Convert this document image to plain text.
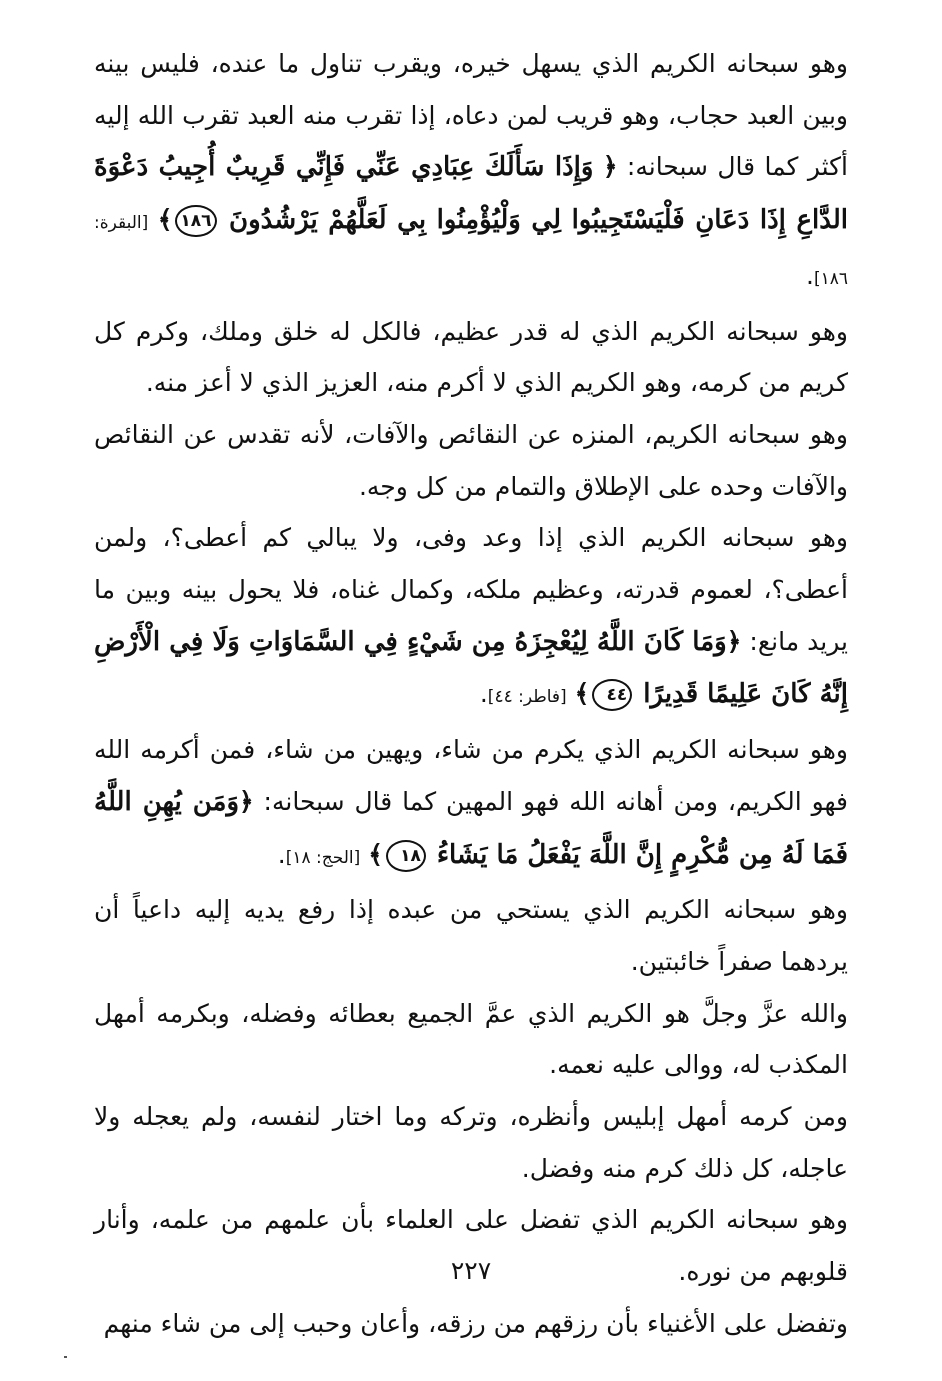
وهو سبحانه الكريم الذي يسهل خيره، ويقرب تناول ما عنده، فليس بينه وبين العبد حجاب، وهو قريب لمن دعاه، إذا تقرب منه العبد تقرب الله إليه أكثر كما قال سبحانه: ﴿ وَإِذَا سَأَلَكَ عِبَادِي عَنِّي فَإِنِّي قَرِيبٌ أُجِيبُ دَعْوَةَ الدَّاعِ إِذَا دَعَانِ فَلْيَسْتَجِيبُوا لِي وَلْيُؤْمِنُوا بِي لَعَلَّهُمْ يَرْشُدُونَ ١٨٦﴾ [البقرة: ١٨٦].

وهو سبحانه الكريم الذي له قدر عظيم، فالكل له خلق وملك، وكرم كل كريم من كرمه، وهو الكريم الذي لا أكرم منه، العزيز الذي لا أعز منه.

وهو سبحانه الكريم، المنزه عن النقائص والآفات، لأنه تقدس عن النقائص والآفات وحده على الإطلاق والتمام من كل وجه.

وهو سبحانه الكريم الذي إذا وعد وفى، ولا يبالي كم أعطى؟، ولمن أعطى؟، لعموم قدرته، وعظيم ملكه، وكمال غناه، فلا يحول بينه وبين ما يريد مانع: ﴿وَمَا كَانَ اللَّهُ لِيُعْجِزَهُ مِن شَيْءٍ فِي السَّمَاوَاتِ وَلَا فِي الْأَرْضِ إِنَّهُ كَانَ عَلِيمًا قَدِيرًا ٤٤﴾ [فاطر: ٤٤].

وهو سبحانه الكريم الذي يكرم من شاء، ويهين من شاء، فمن أكرمه الله فهو الكريم، ومن أهانه الله فهو المهين كما قال سبحانه: ﴿وَمَن يُهِنِ اللَّهُ فَمَا لَهُ مِن مُّكْرِمٍ إِنَّ اللَّهَ يَفْعَلُ مَا يَشَاءُ ١٨﴾ [الحج: ١٨].

وهو سبحانه الكريم الذي يستحي من عبده إذا رفع يديه إليه داعياً أن يردهما صفراً خائبتين.

والله عزَّ وجلَّ هو الكريم الذي عمَّ الجميع بعطائه وفضله، وبكرمه أمهل المكذب له، ووالى عليه نعمه.

ومن كرمه أمهل إبليس وأنظره، وتركه وما اختار لنفسه، ولم يعجله ولا عاجله، كل ذلك كرم منه وفضل.

وهو سبحانه الكريم الذي تفضل على العلماء بأن علمهم من علمه، وأنار قلوبهم من نوره.

وتفضل على الأغنياء بأن رزقهم من رزقه، وأعان وحبب إلى من شاء منهم

٢٢٧
